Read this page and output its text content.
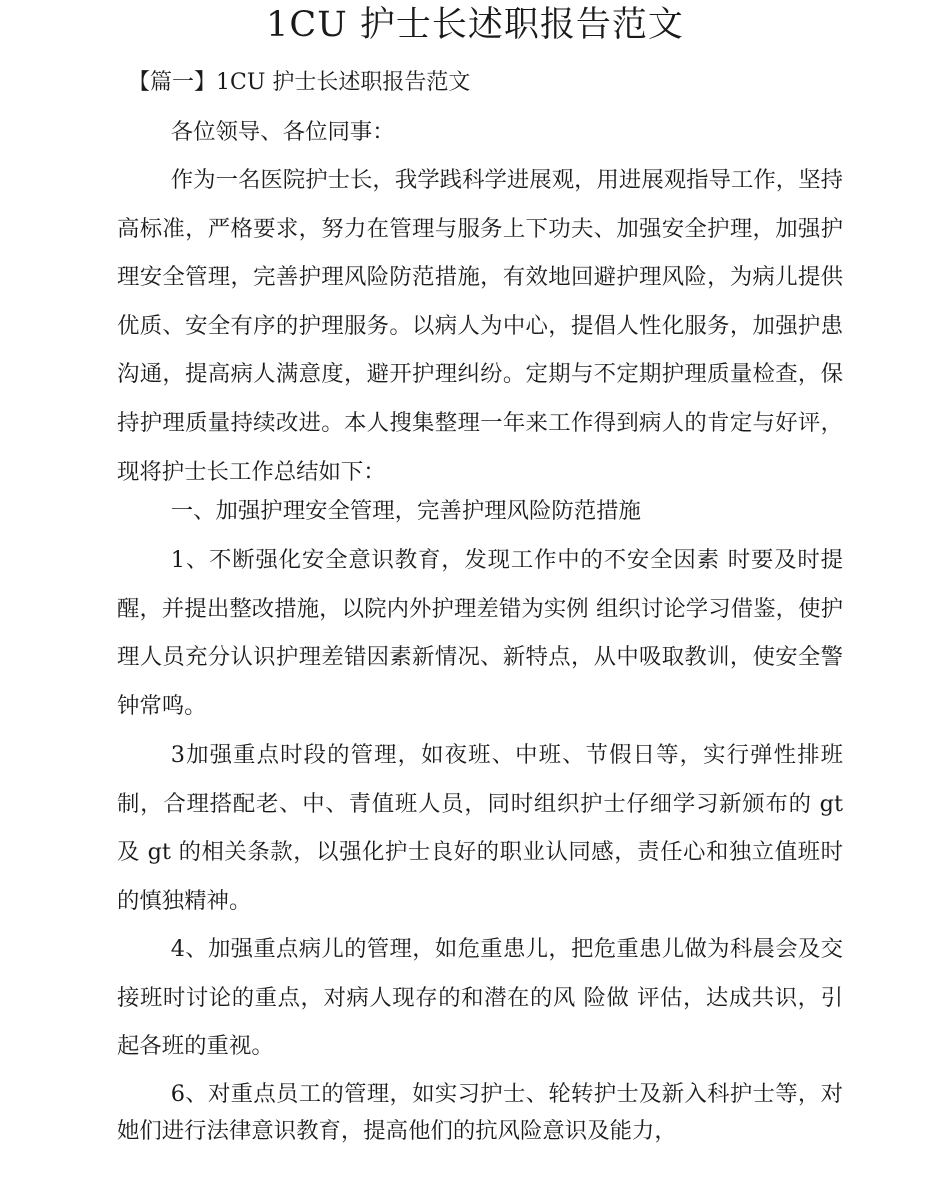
1CU 护士长述职报告范文
【篇一】1CU 护士长述职报告范文

各位领导、各位同事：

作为一名医院护士长，我学践科学进展观，用进展观指导工作，坚持高标准，严格要求，努力在管理与服务上下功夫、加强安全护理，加强护理安全管理，完善护理风险防范措施，有效地回避护理风险，为病儿提供优质、安全有序的护理服务。以病人为中心，提倡人性化服务，加强护患沟通，提高病人满意度，避开护理纠纷。定期与不定期护理质量检查，保持护理质量持续改进。本人搜集整理一年来工作得到病人的肯定与好评，现将护士长工作总结如下：

一、加强护理安全管理，完善护理风险防范措施

1、不断强化安全意识教育，发现工作中的不安全因素 时要及时提醒，并提出整改措施，以院内外护理差错为实例 组织讨论学习借鉴，使护理人员充分认识护理差错因素新情况、新特点，从中吸取教训，使安全警钟常鸣。

3加强重点时段的管理，如夜班、中班、节假日等，实行弹性排班制，合理搭配老、中、青值班人员，同时组织护士仔细学习新颁布的 gt 及 gt 的相关条款，以强化护士良好的职业认同感，责任心和独立值班时的慎独精神。

4、加强重点病儿的管理，如危重患儿，把危重患儿做为科晨会及交接班时讨论的重点，对病人现存的和潜在的风 险做 评估，达成共识，引起各班的重视。

6、对重点员工的管理，如实习护士、轮转护士及新入科护士等，对她们进行法律意识教育，提高他们的抗风险意识及能力，
